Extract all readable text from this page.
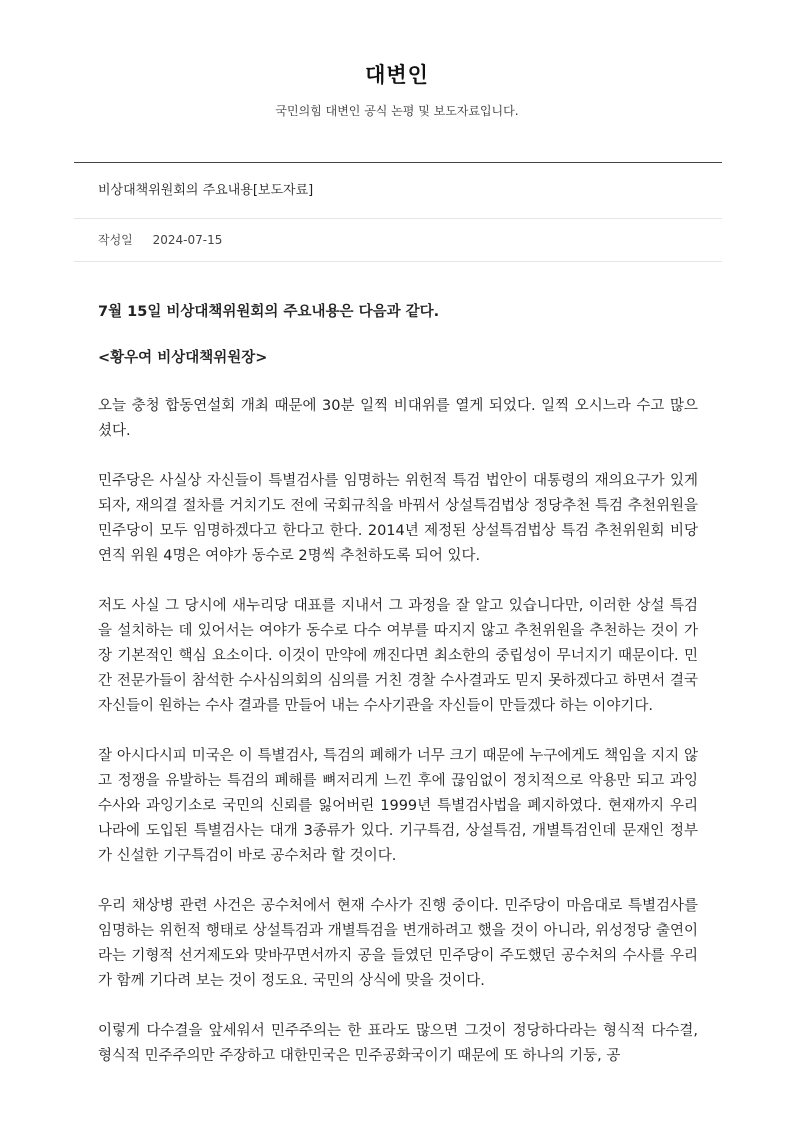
대변인
국민의힘 대변인 공식 논평 및 보도자료입니다.
비상대책위원회의 주요내용[보도자료]
작성일 2024-07-15

7월 15일 비상대책위원회의 주요내용은 다음과 같다.

<황우여 비상대책위원장>

오늘 충청 합동연설회 개최 때문에 30분 일찍 비대위를 열게 되었다. 일찍 오시느라 수고 많으셨다.

민주당은 사실상 자신들이 특별검사를 임명하는 위헌적 특검 법안이 대통령의 재의요구가 있게 되자, 재의결 절차를 거치기도 전에 국회규칙을 바꿔서 상설특검법상 정당추천 특검 추천위원을 민주당이 모두 임명하겠다고 한다고 한다. 2014년 제정된 상설특검법상 특검 추천위원회 비당연직 위원 4명은 여야가 동수로 2명씩 추천하도록 되어 있다.

저도 사실 그 당시에 새누리당 대표를 지내서 그 과정을 잘 알고 있습니다만, 이러한 상설 특검을 설치하는 데 있어서는 여야가 동수로 다수 여부를 따지지 않고 추천위원을 추천하는 것이 가장 기본적인 핵심 요소이다. 이것이 만약에 깨진다면 최소한의 중립성이 무너지기 때문이다. 민간 전문가들이 참석한 수사심의회의 심의를 거친 경찰 수사결과도 믿지 못하겠다고 하면서 결국 자신들이 원하는 수사 결과를 만들어 내는 수사기관을 자신들이 만들겠다 하는 이야기다.

잘 아시다시피 미국은 이 특별검사, 특검의 폐해가 너무 크기 때문에 누구에게도 책임을 지지 않고 정쟁을 유발하는 특검의 폐해를 뼈저리게 느낀 후에 끊임없이 정치적으로 악용만 되고 과잉수사와 과잉기소로 국민의 신뢰를 잃어버린 1999년 특별검사법을 폐지하였다. 현재까지 우리나라에 도입된 특별검사는 대개 3종류가 있다. 기구특검, 상설특검, 개별특검인데 문재인 정부가 신설한 기구특검이 바로 공수처라 할 것이다.

우리 채상병 관련 사건은 공수처에서 현재 수사가 진행 중이다. 민주당이 마음대로 특별검사를 임명하는 위헌적 행태로 상설특검과 개별특검을 변개하려고 했을 것이 아니라, 위성정당 출연이라는 기형적 선거제도와 맞바꾸면서까지 공을 들였던 민주당이 주도했던 공수처의 수사를 우리가 함께 기다려 보는 것이 정도요. 국민의 상식에 맞을 것이다.

이렇게 다수결을 앞세워서 민주주의는 한 표라도 많으면 그것이 정당하다라는 형식적 다수결, 형식적 민주주의만 주장하고 대한민국은 민주공화국이기 때문에 또 하나의 기둥, 공
